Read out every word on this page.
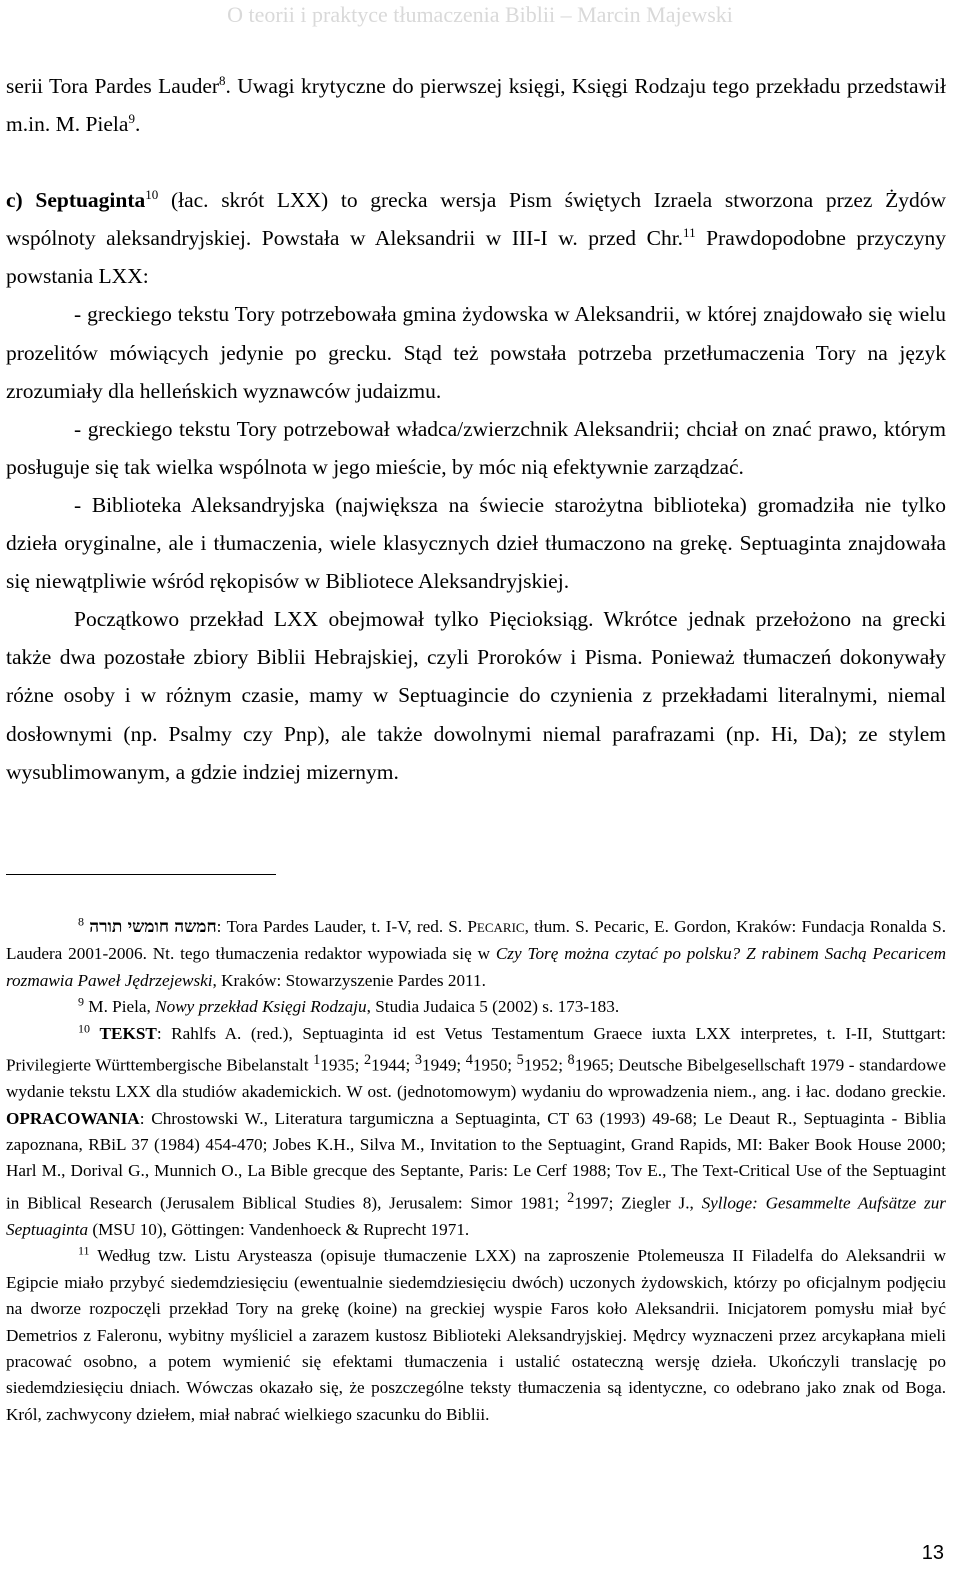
O teorii i praktyce tłumaczenia Biblii – Marcin Majewski

serii Tora Pardes Lauder$^8$. Uwagi krytyczne do pierwszej księgi, Księgi Rodzaju tego przekładu przedstawił m.in. M. Piela$^9$.

c) Septuaginta$^{10}$ (łac. skrót LXX) to grecka wersja Pism świętych Izraela stworzona przez Żydów wspólnoty aleksandryjskiej. Powstała w Aleksandrii w III-I w. przed Chr.$^{11}$ Prawdopodobne przyczyny powstania LXX:

- greckiego tekstu Tory potrzebowała gmina żydowska w Aleksandrii, w której znajdowało się wielu prozelitów mówiących jedynie po grecku. Stąd też powstała potrzeba przetłumaczenia Tory na język zrozumiały dla helleńskich wyznawców judaizmu.

- greckiego tekstu Tory potrzebował władca/zwierzchnik Aleksandrii; chciał on znać prawo, którym posługuje się tak wielka wspólnota w jego mieście, by móc nią efektywnie zarządzać.

- Biblioteka Aleksandryjska (największa na świecie starożytna biblioteka) gromadziła nie tylko dzieła oryginalne, ale i tłumaczenia, wiele klasycznych dzieł tłumaczono na grekę. Septuaginta znajdowała się niewątpliwie wśród rękopisów w Bibliotece Aleksandryjskiej.

Początkowo przekład LXX obejmował tylko Pięcioksiąg. Wkrótce jednak przełożono na grecki także dwa pozostałe zbiory Biblii Hebrajskiej, czyli Proroków i Pisma. Ponieważ tłumaczeń dokonywały różne osoby i w różnym czasie, mamy w Septuagincie do czynienia z przekładami literalnymi, niemal dosłownymi (np. Psalmy czy Pnp), ale także dowolnymi niemal parafrazami (np. Hi, Da); ze stylem wysublimowanym, a gdzie indziej mizernym.

$^8$ חמשה חומשי תורה: Tora Pardes Lauder, t. I-V, red. S. PECARIC, tłum. S. Pecaric, E. Gordon, Kraków: Fundacja Ronalda S. Laudera 2001-2006. Nt. tego tłumaczenia redaktor wypowiada się w Czy Torę można czytać po polsku? Z rabinem Sachą Pecaricem rozmawia Paweł Jędrzejewski, Kraków: Stowarzyszenie Pardes 2011.

$^9$ M. Piela, Nowy przekład Księgi Rodzaju, Studia Judaica 5 (2002) s. 173-183.

$^{10}$ TEKST: Rahlfs A. (red.), Septuaginta id est Vetus Testamentum Graece iuxta LXX interpretes, t. I-II, Stuttgart: Privilegierte Württembergische Bibelanstalt $^1$1935; $^2$1944; $^3$1949; $^4$1950; $^5$1952; $^8$1965; Deutsche Bibelgesellschaft 1979 - standardowe wydanie tekstu LXX dla studiów akademickich. W ost. (jednotomowym) wydaniu do wprowadzenia niem., ang. i łac. dodano greckie. OPRACOWANIA: Chrostowski W., Literatura targumiczna a Septuaginta, CT 63 (1993) 49-68; Le Deaut R., Septuaginta - Biblia zapoznana, RBiL 37 (1984) 454-470; Jobes K.H., Silva M., Invitation to the Septuagint, Grand Rapids, MI: Baker Book House 2000; Harl M., Dorival G., Munnich O., La Bible grecque des Septante, Paris: Le Cerf 1988; Tov E., The Text-Critical Use of the Septuagint in Biblical Research (Jerusalem Biblical Studies 8), Jerusalem: Simor 1981; $^2$1997; Ziegler J., Sylloge: Gesammelte Aufsätze zur Septuaginta (MSU 10), Göttingen: Vandenhoeck & Ruprecht 1971.

$^{11}$ Według tzw. Listu Arysteasza (opisuje tłumaczenie LXX) na zaproszenie Ptolemeusza II Filadelfa do Aleksandrii w Egipcie miało przybyć siedemdziesięciu (ewentualnie siedemdziesięciu dwóch) uczonych żydowskich, którzy po oficjalnym podjęciu na dworze rozpoczęli przekład Tory na grekę (koine) na greckiej wyspie Faros koło Aleksandrii. Inicjatorem pomysłu miał być Demetrios z Faleronu, wybitny myśliciel a zarazem kustosz Biblioteki Aleksandryjskiej. Mędrcy wyznaczeni przez arcykapłana mieli pracować osobno, a potem wymienić się efektami tłumaczenia i ustalić ostateczną wersję dzieła. Ukończyli translację po siedemdziesięciu dniach. Wówczas okazało się, że poszczególne teksty tłumaczenia są identyczne, co odebrano jako znak od Boga. Król, zachwycony dziełem, miał nabrać wielkiego szacunku do Biblii.

13
